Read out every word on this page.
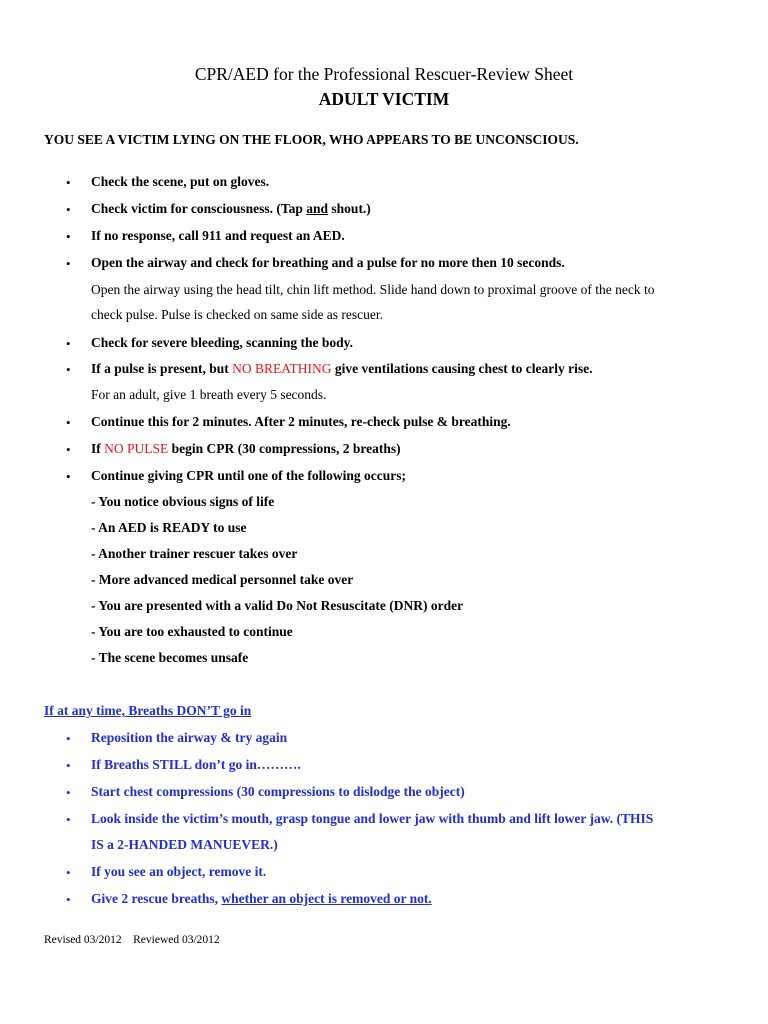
CPR/AED for the Professional Rescuer-Review Sheet
ADULT VICTIM
YOU SEE A VICTIM LYING ON THE FLOOR, WHO APPEARS TO BE UNCONSCIOUS.
• Check the scene, put on gloves.
• Check victim for consciousness. (Tap and shout.)
• If no response, call 911 and request an AED.
• Open the airway and check for breathing and a pulse for no more then 10 seconds.
Open the airway using the head tilt, chin lift method. Slide hand down to proximal groove of the neck to
check pulse. Pulse is checked on same side as rescuer.
• Check for severe bleeding, scanning the body.
• If a pulse is present, but NO BREATHING give ventilations causing chest to clearly rise.
For an adult, give 1 breath every 5 seconds.
• Continue this for 2 minutes. After 2 minutes, re-check pulse & breathing.
• If NO PULSE begin CPR (30 compressions, 2 breaths)
• Continue giving CPR until one of the following occurs;
- You notice obvious signs of life
- An AED is READY to use
- Another trainer rescuer takes over
- More advanced medical personnel take over
- You are presented with a valid Do Not Resuscitate (DNR) order
- You are too exhausted to continue
- The scene becomes unsafe
If at any time, Breaths DON’T go in
• Reposition the airway & try again
• If Breaths STILL don’t go in……….
• Start chest compressions (30 compressions to dislodge the object)
• Look inside the victim’s mouth, grasp tongue and lower jaw with thumb and lift lower jaw. (THIS
IS a 2-HANDED MANUEVER.)
• If you see an object, remove it.
• Give 2 rescue breaths, whether an object is removed or not.
Revised 03/2012    Reviewed 03/2012
